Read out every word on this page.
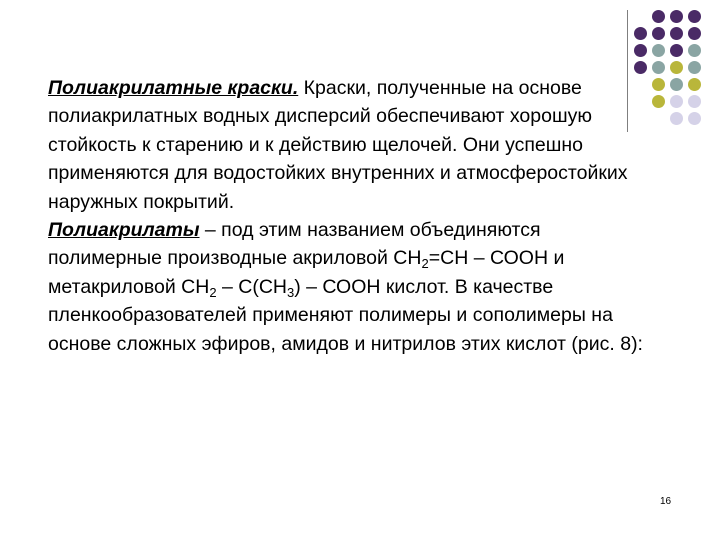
Полиакрилатные краски. Краски, полученные на основе полиакрилатных водных дисперсий обеспечивают хорошую стойкость к старению и к действию щелочей. Они успешно применяются для водостойких внутренних и атмосферостойких наружных покрытий.

Полиакрилаты – под этим названием объединяются полимерные производные акриловой $СН_2=СН$ – СООН и метакриловой $СН_2 - С(СН_3)$ – СООН кислот. В качестве пленкообразователей применяют полимеры и сополимеры на основе сложных эфиров, амидов и нитрилов этих кислот (рис. 8):

16
